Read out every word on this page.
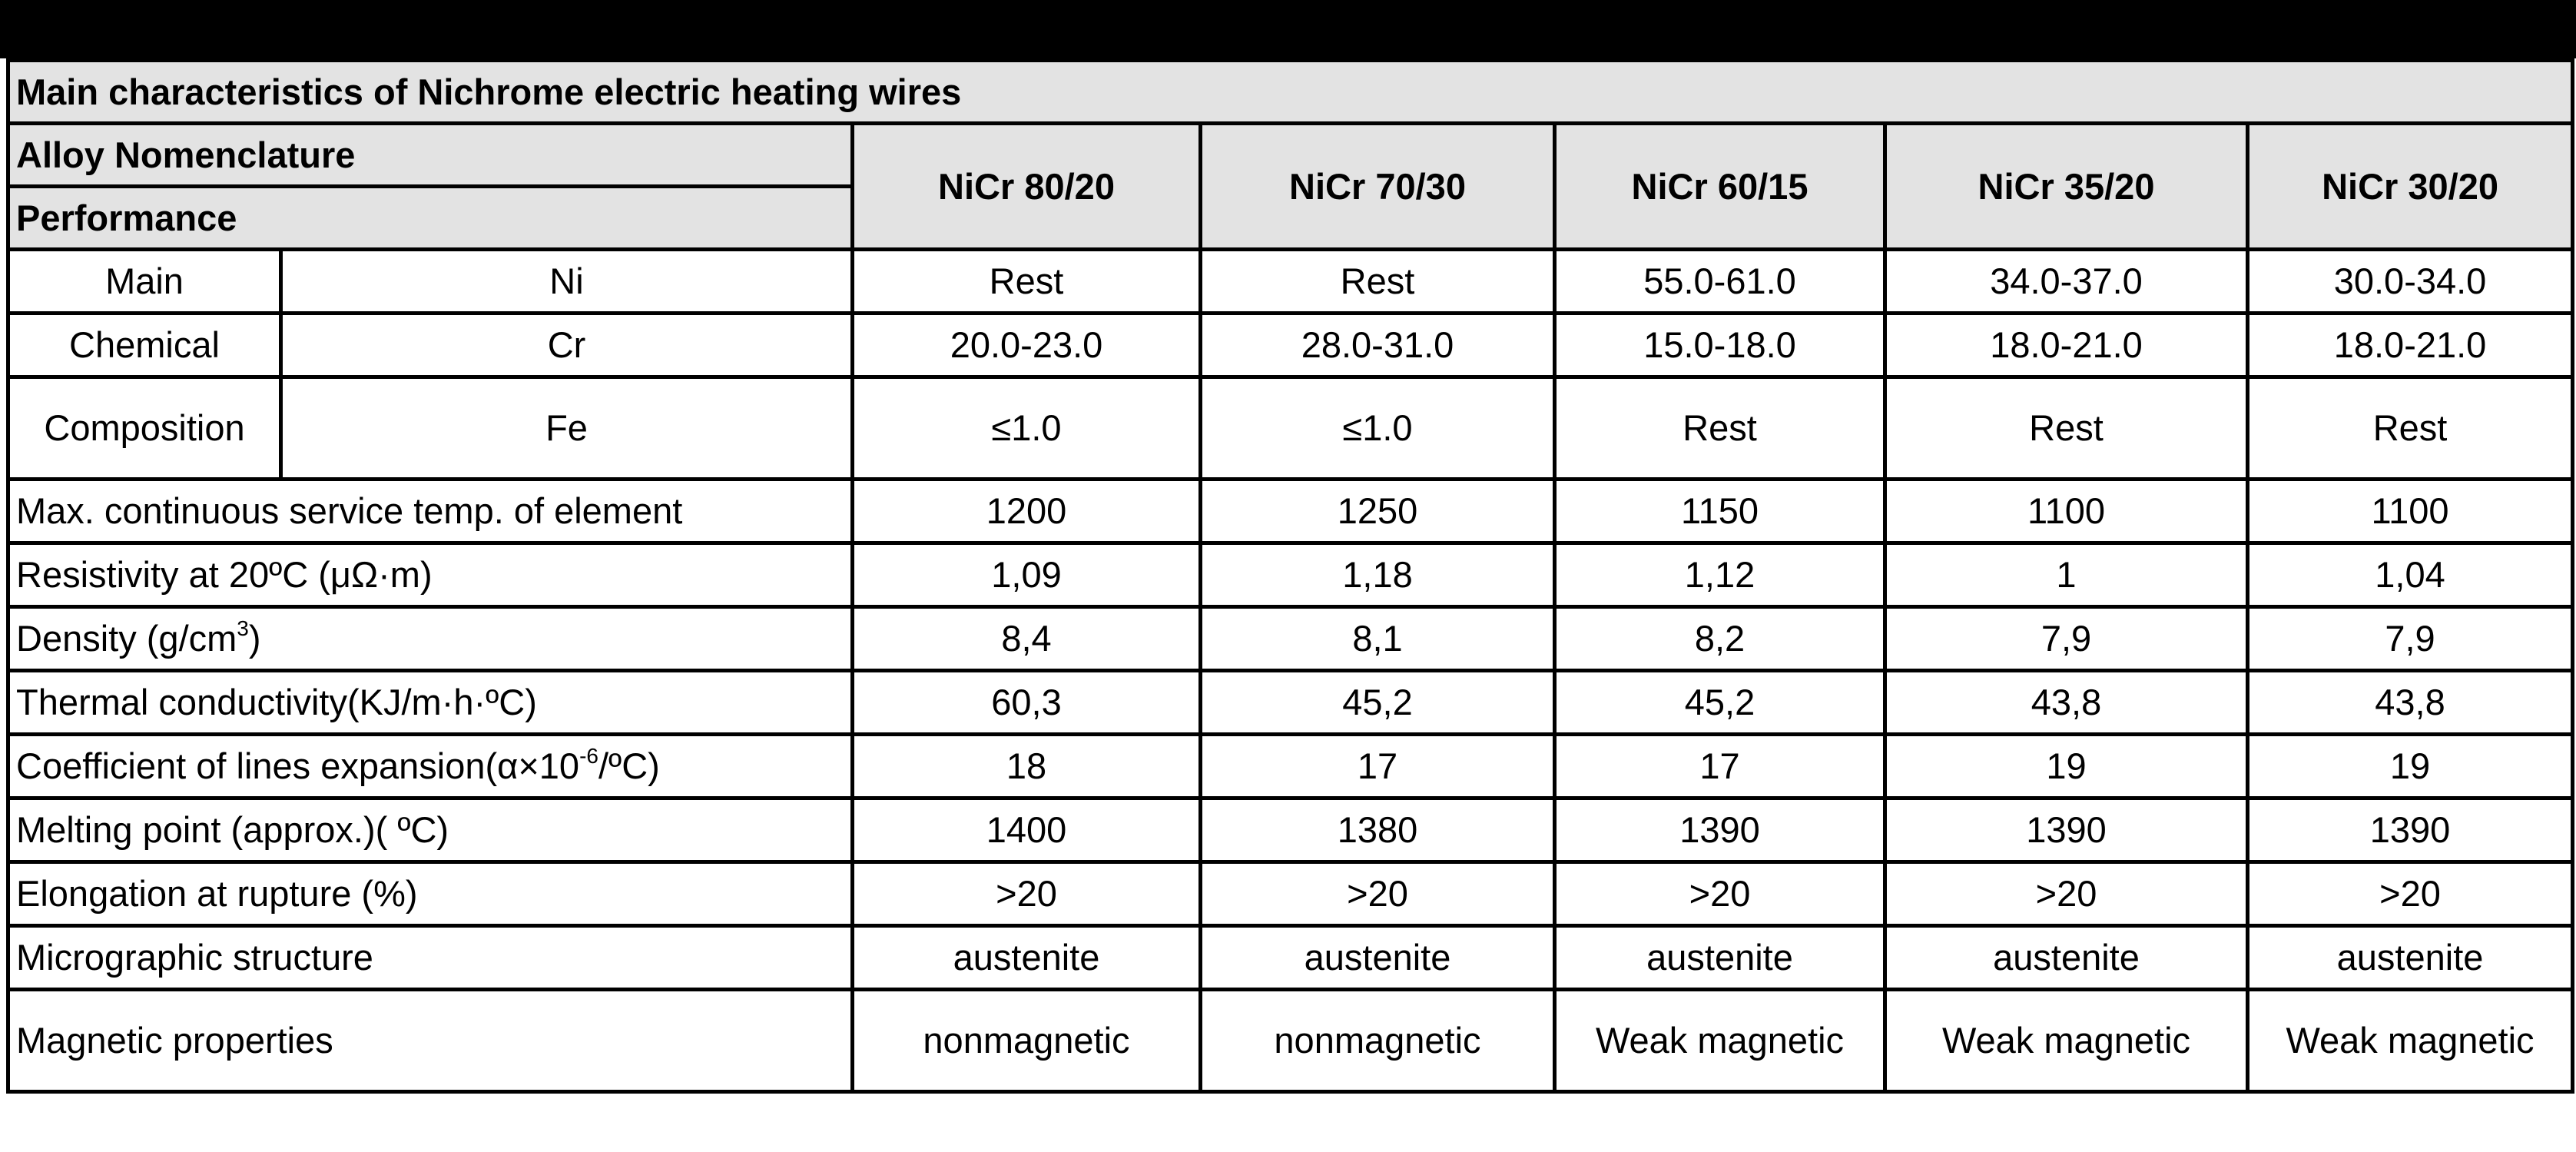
Main characteristics of Nichrome electric heating wires						
Alloy Nomenclature		NiCr 80/20	NiCr 70/30	NiCr 60/15	NiCr 35/20	NiCr 30/20
Performance						
Main	Ni	Rest	Rest	55.0-61.0	34.0-37.0	30.0-34.0
Chemical	Cr	20.0-23.0	28.0-31.0	15.0-18.0	18.0-21.0	18.0-21.0
Composition	Fe	≤1.0	≤1.0	Rest	Rest	Rest
Max. continuous service temp. of element		1200	1250	1150	1100	1100
Resistivity at 20ºC (μΩ·m)		1,09	1,18	1,12	1	1,04
Density $(g/cm^3)$		8,4	8,1	8,2	7,9	7,9
Thermal conductivity(KJ/m·h·ºC)		60,3	45,2	45,2	43,8	43,8
Coefficient of lines $expansion(\alpha\times 10^{-6}/ºC)$		18	17	17	19	19
Melting point (approx.)( ºC)		1400	1380	1390	1390	1390
Elongation at rupture (%)		>20	>20	>20	>20	>20
Micrographic structure		austenite	austenite	austenite	austenite	austenite
Magnetic properties		nonmagnetic	nonmagnetic	Weak magnetic	Weak magnetic	Weak magnetic
